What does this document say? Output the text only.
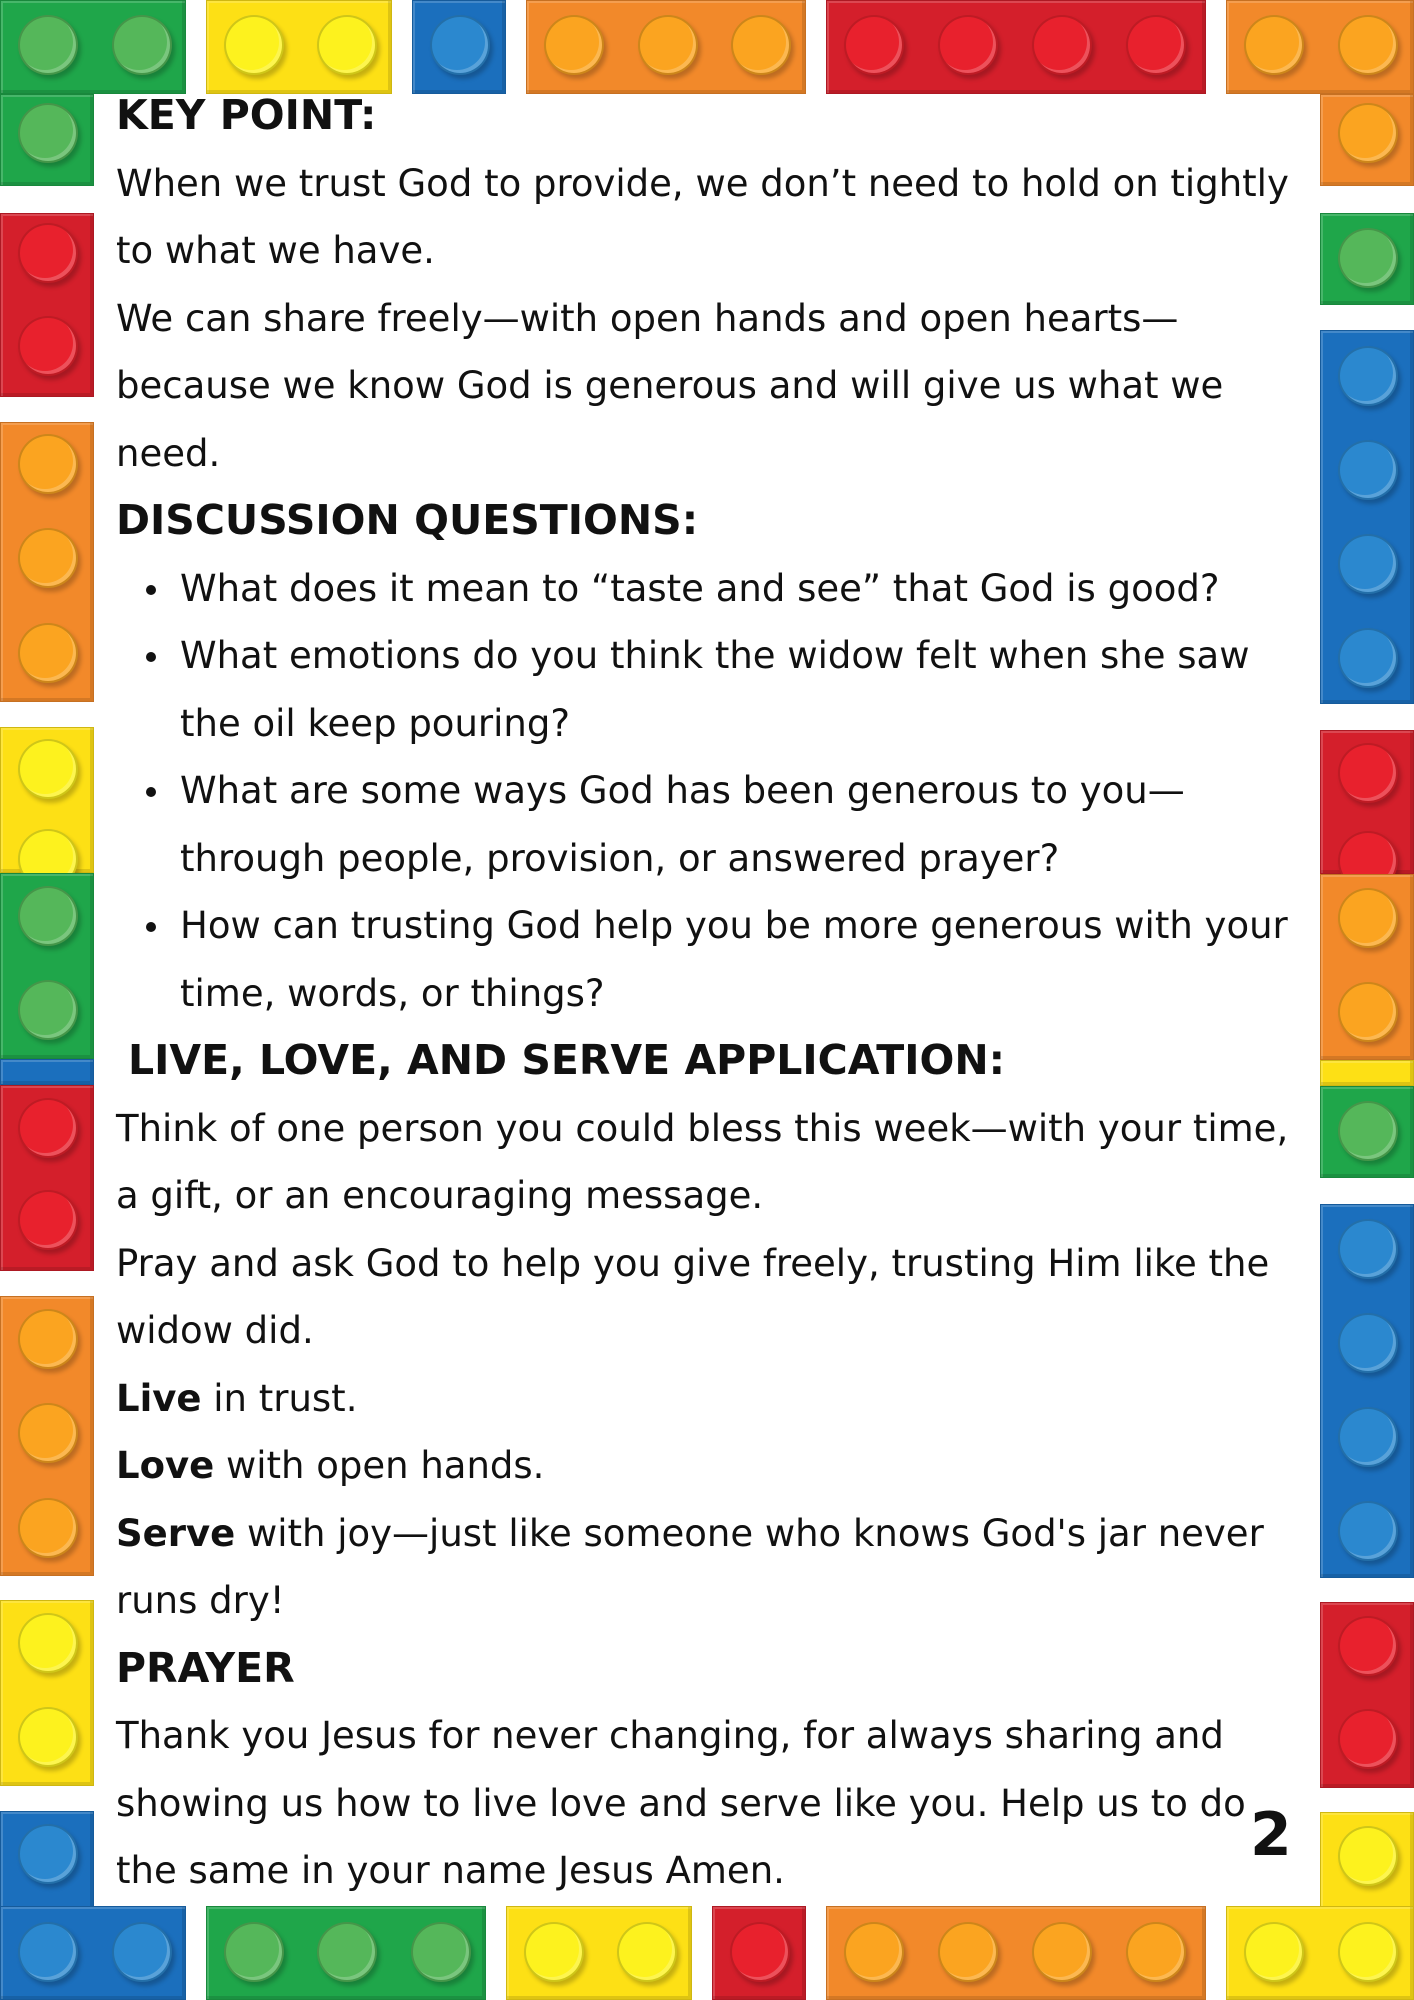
KEY POINT:

When we trust God to provide, we don’t need to hold on tightly to what we have.

We can share freely—with open hands and open hearts—because we know God is generous and will give us what we need.

DISCUSSION QUESTIONS:
What does it mean to “taste and see” that God is good?
What emotions do you think the widow felt when she saw the oil keep pouring?
What are some ways God has been generous to you—through people, provision, or answered prayer?
How can trusting God help you be more generous with your time, words, or things?
LIVE, LOVE, AND SERVE APPLICATION:

Think of one person you could bless this week—with your time, a gift, or an encouraging message.

Pray and ask God to help you give freely, trusting Him like the widow did.

Live in trust.

Love with open hands.

Serve with joy—just like someone who knows God's jar never runs dry!

PRAYER

Thank you Jesus for never changing, for always sharing and showing us how to live love and serve like you. Help us to do the same in your name Jesus Amen.

2
